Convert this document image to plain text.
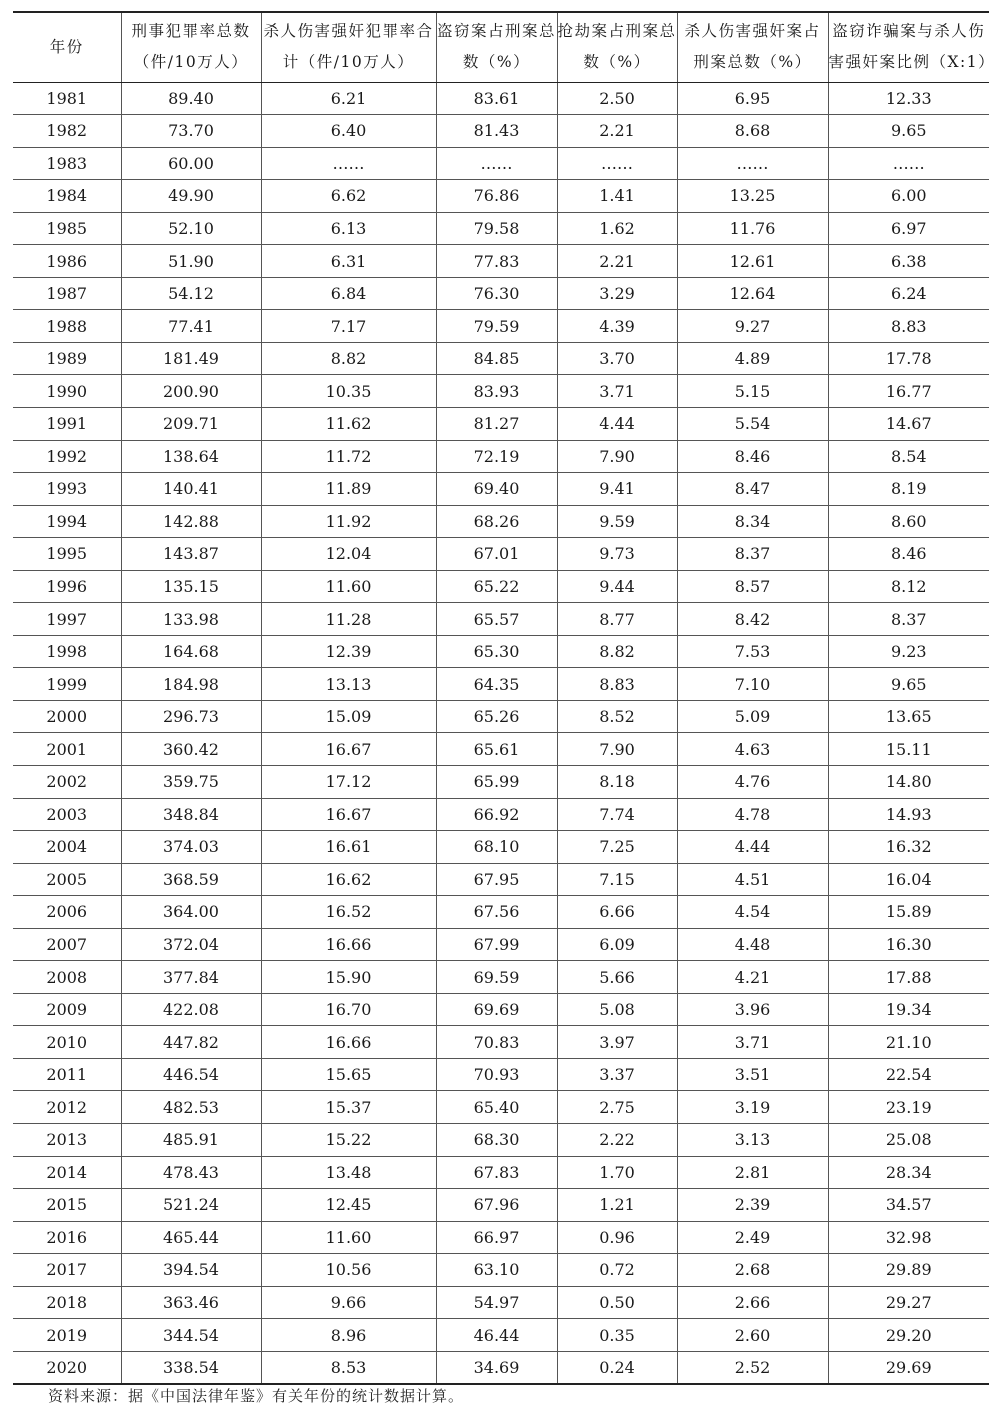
年份	刑事犯罪率总数（件/10万人）	杀人伤害强奸犯罪率合计（件/10万人）	盗窃案占刑案总数（%）	抢劫案占刑案总数（%）	杀人伤害强奸案占刑案总数（%）	盗窃诈骗案与杀人伤害强奸案比例（X:1）
1981	89.40	6.21	83.61	2.50	6.95	12.33
1982	73.70	6.40	81.43	2.21	8.68	9.65
1983	60.00	……	……	……	……	……
1984	49.90	6.62	76.86	1.41	13.25	6.00
1985	52.10	6.13	79.58	1.62	11.76	6.97
1986	51.90	6.31	77.83	2.21	12.61	6.38
1987	54.12	6.84	76.30	3.29	12.64	6.24
1988	77.41	7.17	79.59	4.39	9.27	8.83
1989	181.49	8.82	84.85	3.70	4.89	17.78
1990	200.90	10.35	83.93	3.71	5.15	16.77
1991	209.71	11.62	81.27	4.44	5.54	14.67
1992	138.64	11.72	72.19	7.90	8.46	8.54
1993	140.41	11.89	69.40	9.41	8.47	8.19
1994	142.88	11.92	68.26	9.59	8.34	8.60
1995	143.87	12.04	67.01	9.73	8.37	8.46
1996	135.15	11.60	65.22	9.44	8.57	8.12
1997	133.98	11.28	65.57	8.77	8.42	8.37
1998	164.68	12.39	65.30	8.82	7.53	9.23
1999	184.98	13.13	64.35	8.83	7.10	9.65
2000	296.73	15.09	65.26	8.52	5.09	13.65
2001	360.42	16.67	65.61	7.90	4.63	15.11
2002	359.75	17.12	65.99	8.18	4.76	14.80
2003	348.84	16.67	66.92	7.74	4.78	14.93
2004	374.03	16.61	68.10	7.25	4.44	16.32
2005	368.59	16.62	67.95	7.15	4.51	16.04
2006	364.00	16.52	67.56	6.66	4.54	15.89
2007	372.04	16.66	67.99	6.09	4.48	16.30
2008	377.84	15.90	69.59	5.66	4.21	17.88
2009	422.08	16.70	69.69	5.08	3.96	19.34
2010	447.82	16.66	70.83	3.97	3.71	21.10
2011	446.54	15.65	70.93	3.37	3.51	22.54
2012	482.53	15.37	65.40	2.75	3.19	23.19
2013	485.91	15.22	68.30	2.22	3.13	25.08
2014	478.43	13.48	67.83	1.70	2.81	28.34
2015	521.24	12.45	67.96	1.21	2.39	34.57
2016	465.44	11.60	66.97	0.96	2.49	32.98
2017	394.54	10.56	63.10	0.72	2.68	29.89
2018	363.46	9.66	54.97	0.50	2.66	29.27
2019	344.54	8.96	46.44	0.35	2.60	29.20
2020	338.54	8.53	34.69	0.24	2.52	29.69
资料来源：据《中国法律年鉴》有关年份的统计数据计算。
